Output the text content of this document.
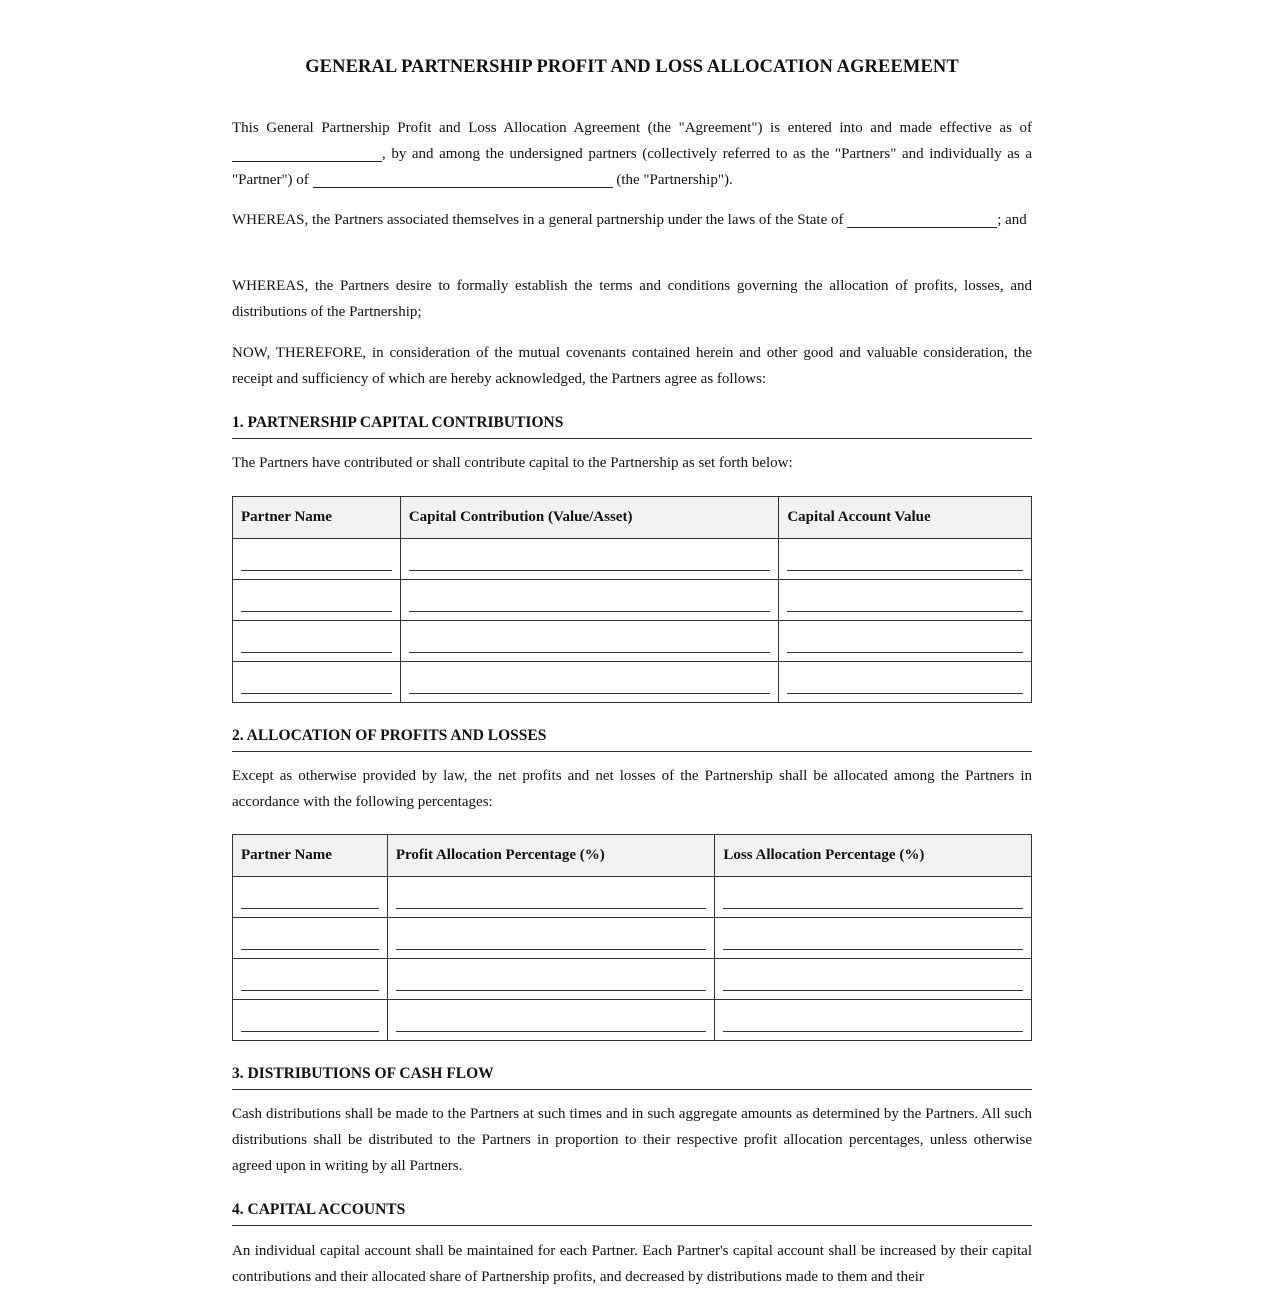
GENERAL PARTNERSHIP PROFIT AND LOSS ALLOCATION AGREEMENT

This General Partnership Profit and Loss Allocation Agreement (the "Agreement") is entered into and made effective as of , by and among the undersigned partners (collectively referred to as the "Partners" and individually as a "Partner") of	(the "Partnership").

WHEREAS, the Partners associated themselves in a general partnership under the laws of the State of	; and

WHEREAS, the Partners desire to formally establish the terms and conditions governing the allocation of profits, losses, and distributions of the Partnership;

NOW, THEREFORE, in consideration of the mutual covenants contained herein and other good and valuable consideration, the receipt and sufficiency of which are hereby acknowledged, the Partners agree as follows:

1. PARTNERSHIP CAPITAL CONTRIBUTIONS

The Partners have contributed or shall contribute capital to the Partnership as set forth below:

Partner Name	Capital Contribution (Value/Asset)	Capital Account Value

2. ALLOCATION OF PROFITS AND LOSSES

Except as otherwise provided by law, the net profits and net losses of the Partnership shall be allocated among the Partners in accordance with the following percentages:

Partner Name	Profit Allocation Percentage (%)	Loss Allocation Percentage (%)

3. DISTRIBUTIONS OF CASH FLOW

Cash distributions shall be made to the Partners at such times and in such aggregate amounts as determined by the Partners. All such distributions shall be distributed to the Partners in proportion to their respective profit allocation percentages, unless otherwise agreed upon in writing by all Partners.

4. CAPITAL ACCOUNTS

An individual capital account shall be maintained for each Partner. Each Partner's capital account shall be increased by their capital contributions and their allocated share of Partnership profits, and decreased by distributions made to them and their
